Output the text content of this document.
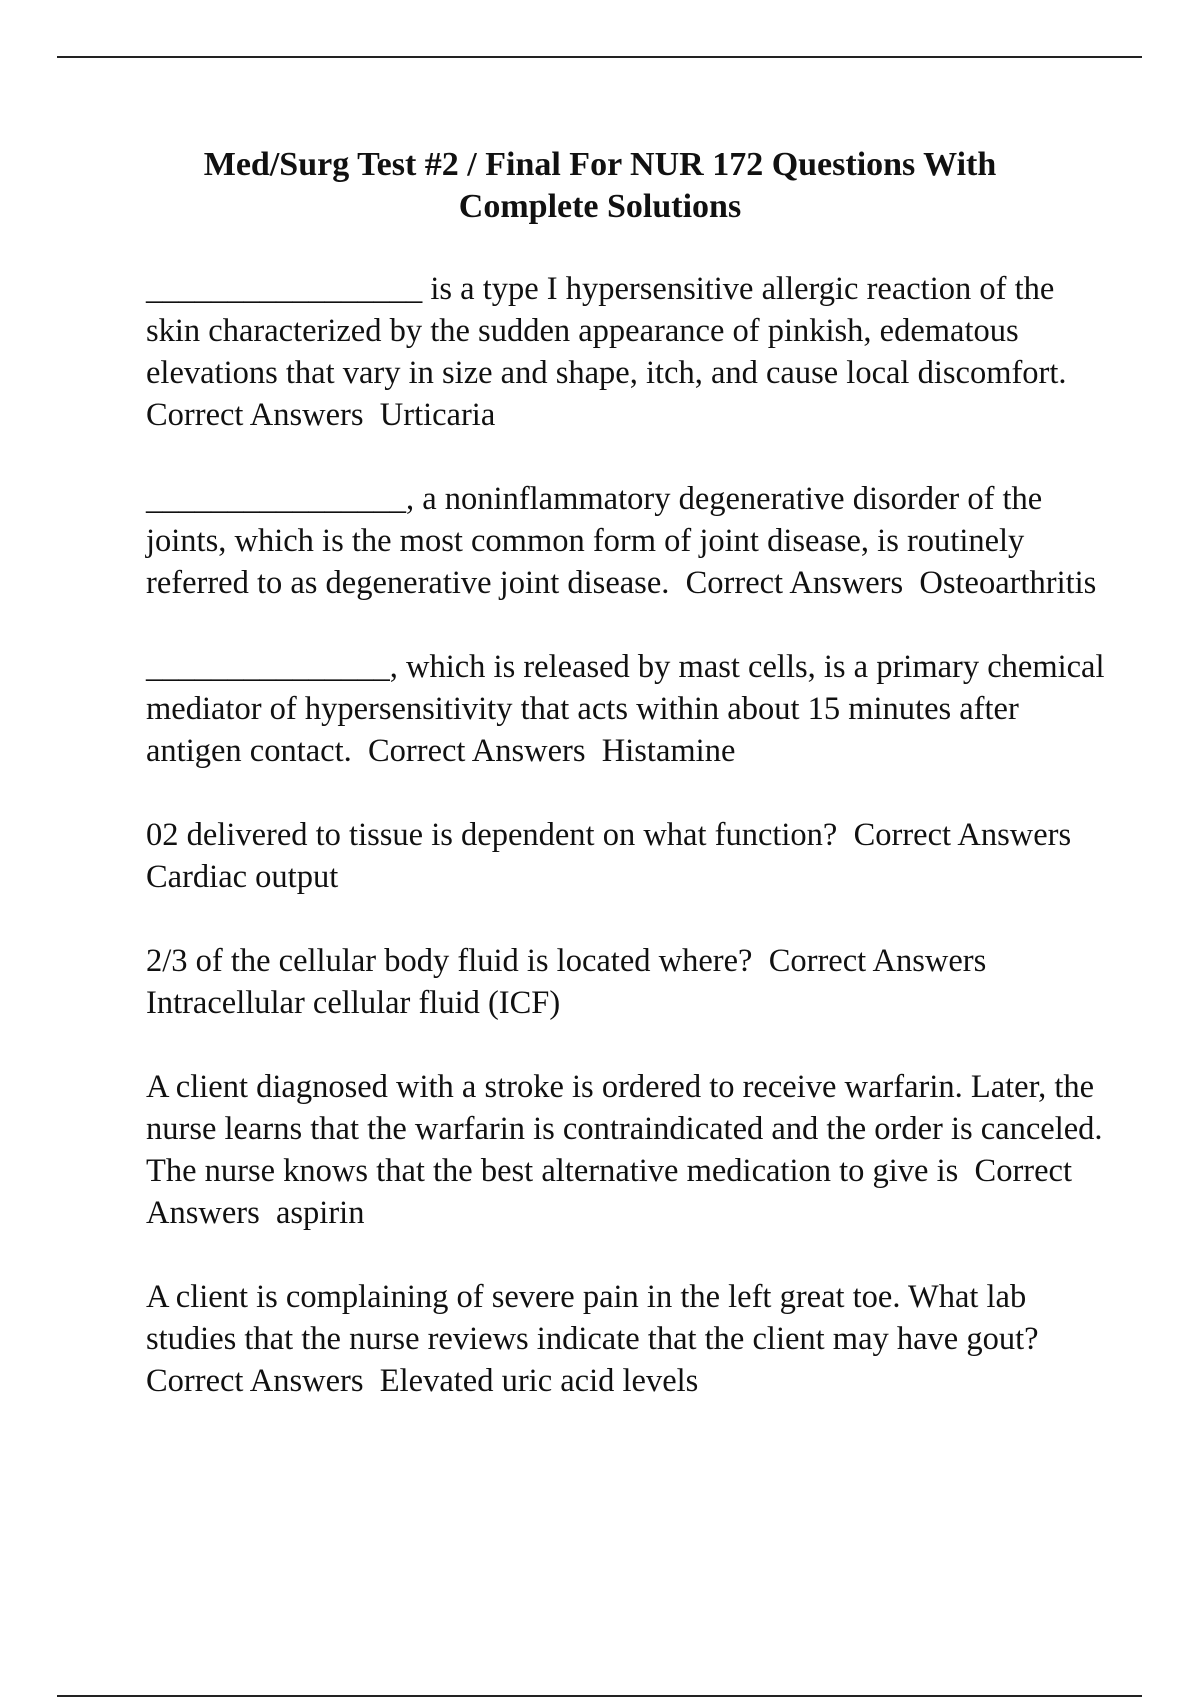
Med/Surg Test #2 / Final For NUR 172 Questions With
Complete Solutions

_________________ is a type I hypersensitive allergic reaction of the skin characterized by the sudden appearance of pinkish, edematous elevations that vary in size and shape, itch, and cause local discomfort.  Correct Answers Urticaria

________________, a noninflammatory degenerative disorder of the joints, which is the most common form of joint disease, is routinely referred to as degenerative joint disease. Correct Answers Osteoarthritis

_______________, which is released by mast cells, is a primary chemical mediator of hypersensitivity that acts within about 15 minutes after antigen contact. Correct Answers Histamine

02 delivered to tissue is dependent on what function? Correct Answers  Cardiac output

2/3 of the cellular body fluid is located where? Correct Answers  Intracellular cellular fluid (ICF)

A client diagnosed with a stroke is ordered to receive warfarin. Later, the nurse learns that the warfarin is contraindicated and the order is canceled. The nurse knows that the best alternative medication to give is Correct Answers aspirin

A client is complaining of severe pain in the left great toe. What lab studies that the nurse reviews indicate that the client may have gout?  Correct Answers Elevated uric acid levels
